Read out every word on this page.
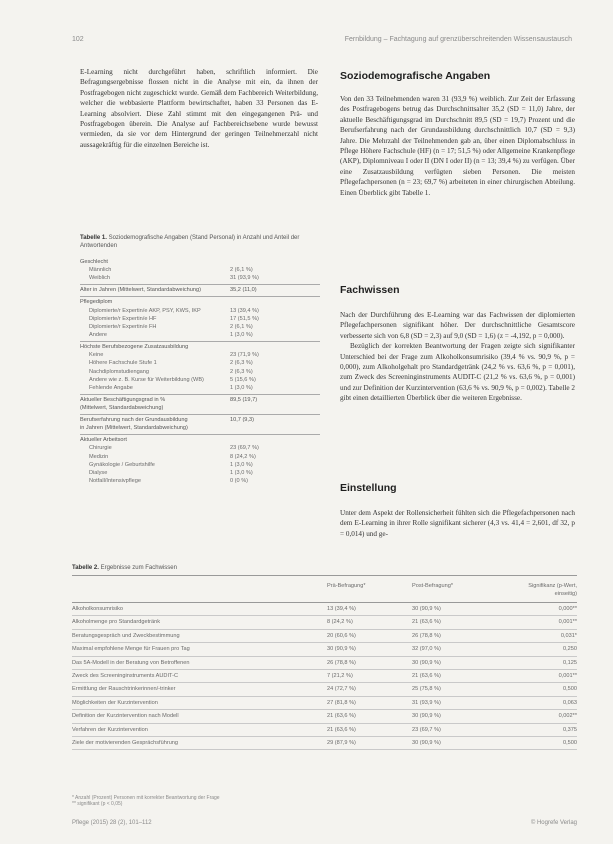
102	Fernbildung – Fachtagung auf grenzüberschreitenden Wissensaustausch

E-Learning nicht durchgeführt haben, schriftlich informiert. Die Befragungsergebnisse flossen nicht in die Analyse mit ein, da ihnen der Postfragebogen nicht zugeschickt wurde. Gemäß dem Fachbereich Weiterbildung, welcher die webbasierte Plattform bewirtschaftet, haben 33 Personen das E-Learning absolviert. Diese Zahl stimmt mit den eingegangenen Prä- und Postfragebogen überein. Die Analyse auf Fachbereichsebene wurde bewusst vermieden, da sie vor dem Hintergrund der geringen Teilnehmerzahl nicht aussagekräftig für die einzelnen Bereiche ist.

Tabelle 1. Soziodemografische Angaben (Stand Personal) in Anzahl und Anteil der Antwortenden
Geschlecht
Männlich	2 (6,1 %)
Weiblich	31 (93,9 %)
Alter in Jahren (Mittelwert, Standardabweichung)	35,2 (11,0)
Pflegediplom
Diplomierte/r Expertin/e AKP, PSY, KWS, IKP	13 (39,4 %)
Diplomierte/r Expertin/e HF	17 (51,5 %)
Diplomierte/r Expertin/e FH	2 (6,1 %)
Andere	1 (3,0 %)
Höchste Berufsbezogene Zusatzausbildung
Keine	23 (71,9 %)
Höhere Fachschule Stufe 1	2 (6,3 %)
Nachdiplomstudiengang	2 (6,3 %)
Andere wie z. B. Kurse für Weiterbildung (WB)	5 (15,6 %)
Fehlende Angabe	1 (3,0 %)
Aktueller Beschäftigungsgrad in %	89,5 (19,7)
(Mittelwert, Standardabweichung)
Berufserfahrung nach der Grundausbildung	10,7 (9,3)
in Jahren (Mittelwert, Standardabweichung)
Aktueller Arbeitsort
Chirurgie	23 (69,7 %)
Medizin	8 (24,2 %)
Gynäkologie / Geburtshilfe	1 (3,0 %)
Dialyse	1 (3,0 %)
Notfall/Intensivpflege	0 (0 %)
Soziodemografische Angaben

Von den 33 Teilnehmenden waren 31 (93,9 %) weiblich. Zur Zeit der Erfassung des Postfragebogens betrug das Durchschnittsalter 35,2 (SD = 11,0) Jahre, der aktuelle Beschäftigungsgrad im Durchschnitt 89,5 (SD = 19,7) Prozent und die Berufserfahrung nach der Grundausbildung durchschnittlich 10,7 (SD = 9,3) Jahre. Die Mehrzahl der Teilnehmenden gab an, über einen Diplomabschluss in Pflege Höhere Fachschule (HF) (n = 17; 51,5 %) oder Allgemeine Krankenpflege (AKP), Diplomniveau I oder II (DN I oder II) (n = 13; 39,4 %) zu verfügen. Über eine Zusatzausbildung verfügten sieben Personen. Die meisten Pflegefachpersonen (n = 23; 69,7 %) arbeiteten in einer chirurgischen Abteilung. Einen Überblick gibt Tabelle 1.

Fachwissen

Nach der Durchführung des E-Learning war das Fachwissen der diplomierten Pflegefachpersonen signifikant höher. Der durchschnittliche Gesamtscore verbesserte sich von 6,8 (SD = 2,3) auf 9,0 (SD = 1,6) (z = -4,192, p = 0,000).

Bezüglich der korrekten Beantwortung der Fragen zeigte sich signifikanter Unterschied bei der Frage zum Alkoholkonsumrisiko (39,4 % vs. 90,9 %, p = 0,000), zum Alkoholgehalt pro Standardgetränk (24,2 % vs. 63,6 %, p = 0,001), zum Zweck des Screeninginstruments AUDIT-C (21,2 % vs. 63,6 %, p = 0,001) und zur Definition der Kurzintervention (63,6 % vs. 90,9 %, p = 0,002). Tabelle 2 gibt einen detaillierten Überblick über die weiteren Ergebnisse.

Einstellung

Unter dem Aspekt der Rollensicherheit fühlten sich die Pflegefachpersonen nach dem E-Learning in ihrer Rolle signifikant sicherer (4,3 vs. 41,4 = 2,601, df 32, p = 0,014) und ge-

Tabelle 2. Ergebnisse zum Fachwissen
Prä-Befragung*	Post-Befragung*	Signifikanz (p-Wert, einseitig)
Alkoholkonsumrisiko	13 (39,4 %)	30 (90,9 %)	0,000**
Alkoholmenge pro Standardgetränk	8 (24,2 %)	21 (63,6 %)	0,001**
Beratungsgespräch und Zweckbestimmung	20 (60,6 %)	26 (78,8 %)	0,031*
Maximal empfohlene Menge für Frauen pro Tag	30 (90,9 %)	32 (97,0 %)	0,250
Das 5A-Modell in der Beratung von Betroffenen	26 (78,8 %)	30 (90,9 %)	0,125
Zweck des Screeninginstruments AUDIT-C	7 (21,2 %)	21 (63,6 %)	0,001**
Ermittlung der Rauschtrinkerinnen/-trinker	24 (72,7 %)	25 (75,8 %)	0,500
Möglichkeiten der Kurzintervention	27 (81,8 %)	31 (93,9 %)	0,063
Definition der Kurzintervention nach Modell	21 (63,6 %)	30 (90,9 %)	0,002**
Verfahren der Kurzintervention	21 (63,6 %)	23 (69,7 %)	0,375
Ziele der motivierenden Gesprächsführung	29 (87,9 %)	30 (90,9 %)	0,500
* Anzahl (Prozent) Personen mit korrekter Beantwortung der Frage
** signifikant (p < 0,05)
Pflege (2015) 28 (2), 101–112	© Hogrefe Verlag
